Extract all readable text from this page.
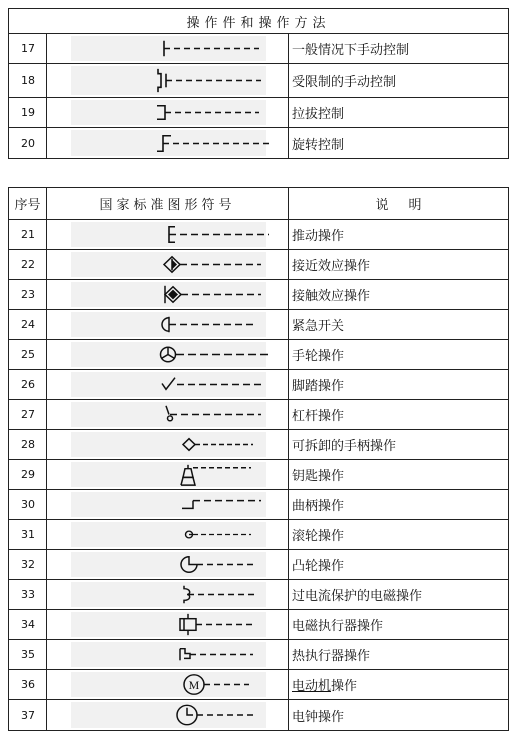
操作件和操作方法		
17		一般情况下手动控制
18		受限制的手动控制
19		拉拔控制
20		旋转控制
序号	国家标准图形符号	说 明
21		推动操作
22		接近效应操作
23		接触效应操作
24		紧急开关
25		手轮操作
26		脚踏操作
27		杠杆操作
28		可拆卸的手柄操作
29		钥匙操作
30		曲柄操作
31		滚轮操作
32		凸轮操作
33		过电流保护的电磁操作
34		电磁执行器操作
35		热执行器操作
36	M	电动机操作
37		电钟操作
